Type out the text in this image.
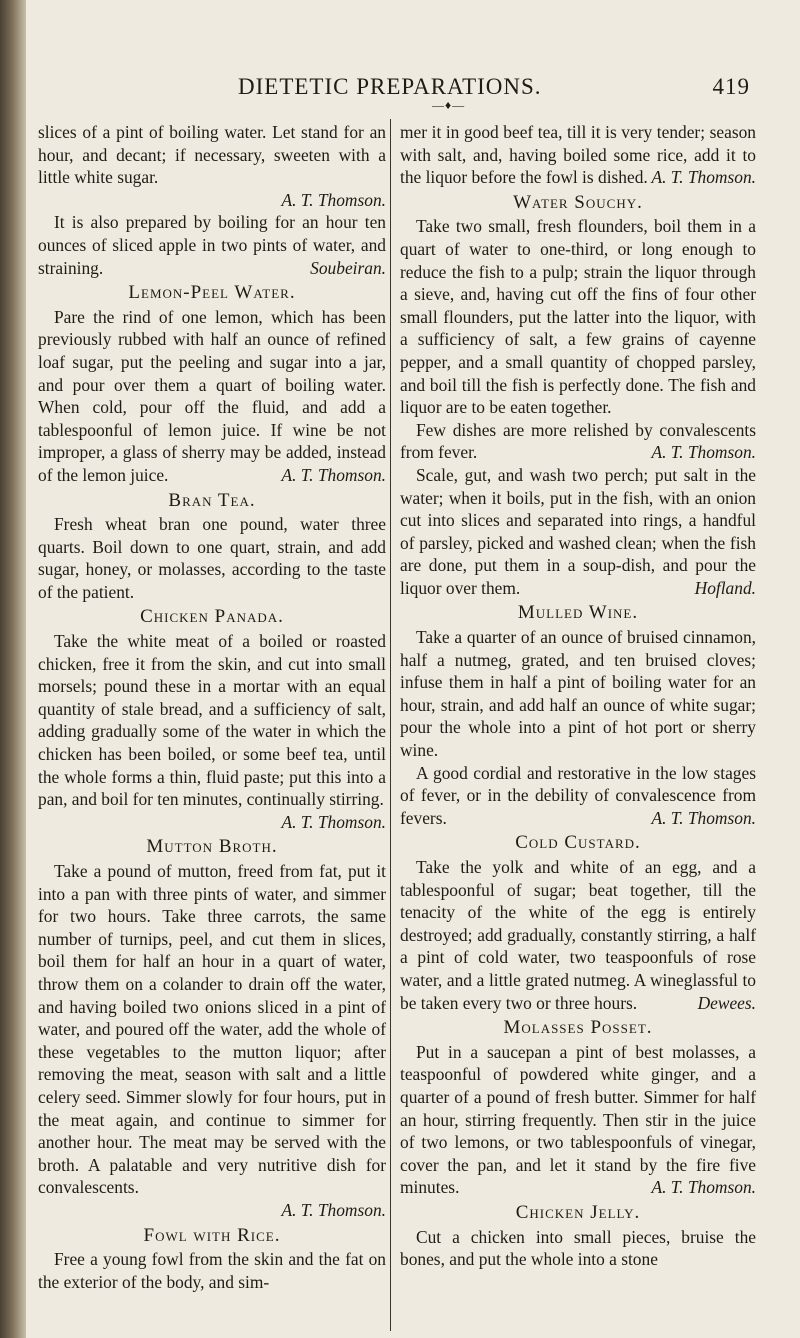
DIETETIC PREPARATIONS.
—♦—
419

slices of a pint of boiling water. Let stand for an hour, and decant; if necessary, sweeten with a little white sugar.

A. T. Thomson.

It is also prepared by boiling for an hour ten ounces of sliced apple in two pints of water, and straining.	Soubeiran.

Lemon-Peel Water.

Pare the rind of one lemon, which has been previously rubbed with half an ounce of refined loaf sugar, put the peeling and sugar into a jar, and pour over them a quart of boiling water. When cold, pour off the fluid, and add a tablespoonful of lemon juice. If wine be not improper, a glass of sherry may be added, instead of the lemon juice.	A. T. Thomson.

Bran Tea.

Fresh wheat bran one pound, water three quarts. Boil down to one quart, strain, and add sugar, honey, or molasses, according to the taste of the patient.

Chicken Panada.

Take the white meat of a boiled or roasted chicken, free it from the skin, and cut into small morsels; pound these in a mortar with an equal quantity of stale bread, and a sufficiency of salt, adding gradually some of the water in which the chicken has been boiled, or some beef tea, until the whole forms a thin, fluid paste; put this into a pan, and boil for ten minutes, continually stirring.

A. T. Thomson.
Mutton Broth.

Take a pound of mutton, freed from fat, put it into a pan with three pints of water, and simmer for two hours. Take three carrots, the same number of turnips, peel, and cut them in slices, boil them for half an hour in a quart of water, throw them on a colander to drain off the water, and having boiled two onions sliced in a pint of water, and poured off the water, add the whole of these vegetables to the mutton liquor; after removing the meat, season with salt and a little celery seed. Simmer slowly for four hours, put in the meat again, and continue to simmer for another hour. The meat may be served with the broth. A palatable and very nutritive dish for convalescents.

A. T. Thomson.
Fowl with Rice.

Free a young fowl from the skin and the fat on the exterior of the body, and sim-

mer it in good beef tea, till it is very tender; season with salt, and, having boiled some rice, add it to the liquor before the fowl is dished. A. T. Thomson.

Water Souchy.

Take two small, fresh flounders, boil them in a quart of water to one-third, or long enough to reduce the fish to a pulp; strain the liquor through a sieve, and, having cut off the fins of four other small flounders, put the latter into the liquor, with a sufficiency of salt, a few grains of cayenne pepper, and a small quantity of chopped parsley, and boil till the fish is perfectly done. The fish and liquor are to be eaten together.

Few dishes are more relished by convalescents from fever.	A. T. Thomson.

Scale, gut, and wash two perch; put salt in the water; when it boils, put in the fish, with an onion cut into slices and separated into rings, a handful of parsley, picked and washed clean; when the fish are done, put them in a soup-dish, and pour the liquor over them.	Hofland.

Mulled Wine.

Take a quarter of an ounce of bruised cinnamon, half a nutmeg, grated, and ten bruised cloves; infuse them in half a pint of boiling water for an hour, strain, and add half an ounce of white sugar; pour the whole into a pint of hot port or sherry wine.

A good cordial and restorative in the low stages of fever, or in the debility of convalescence from fevers.	A. T. Thomson.

Cold Custard.

Take the yolk and white of an egg, and a tablespoonful of sugar; beat together, till the tenacity of the white of the egg is entirely destroyed; add gradually, constantly stirring, a half a pint of cold water, two teaspoonfuls of rose water, and a little grated nutmeg. A wineglassful to be taken every two or three hours.	Dewees.

Molasses Posset.

Put in a saucepan a pint of best molasses, a teaspoonful of powdered white ginger, and a quarter of a pound of fresh butter. Simmer for half an hour, stirring frequently. Then stir in the juice of two lemons, or two tablespoonfuls of vinegar, cover the pan, and let it stand by the fire five minutes.	A. T. Thomson.

Chicken Jelly.

Cut a chicken into small pieces, bruise the bones, and put the whole into a stone
